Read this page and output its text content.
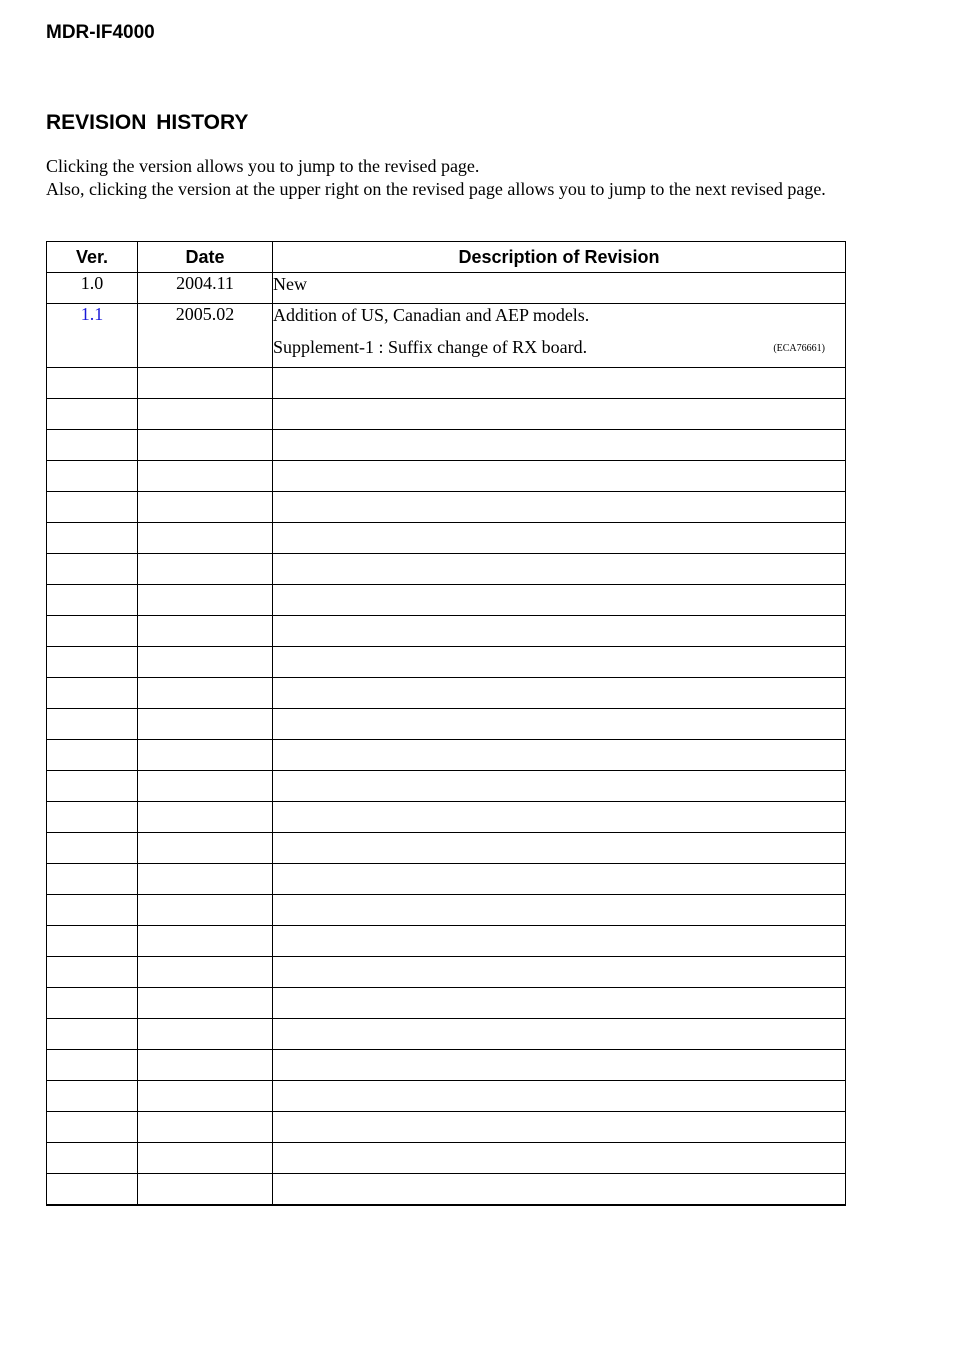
MDR-IF4000
REVISION HISTORY

Clicking the version allows you to jump to the revised page.

Also, clicking the version at the upper right on the revised page allows you to jump to the next revised page.

Ver.	Date	Description of Revision
1.0	2004.11	New

1.1	2005.02	Addition of US, Canadian and AEP models.
(ECA76661)
Supplement-1 : Suffix change of RX board.
